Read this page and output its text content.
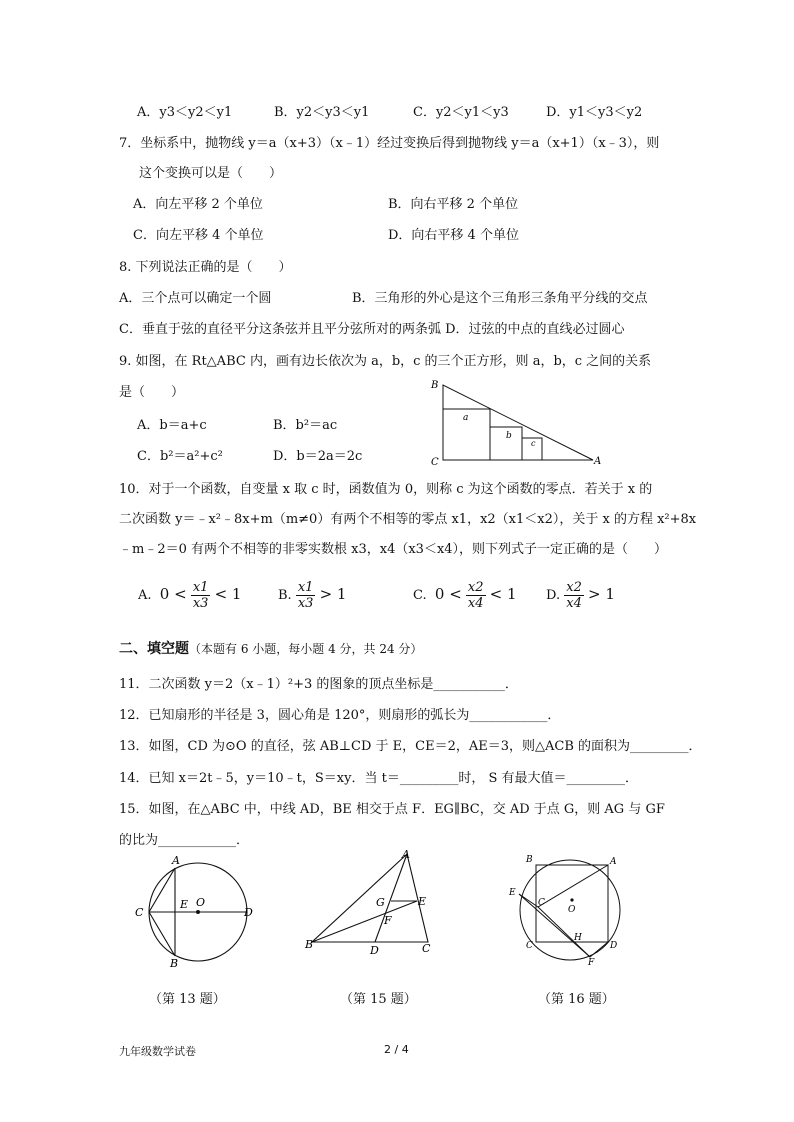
A．y3＜y2＜y1	B．y2＜y3＜y1	C．y2＜y1＜y3	D．y1＜y3＜y2
7．坐标系中，抛物线 y＝a（x+3）（x﹣1）经过变换后得到抛物线 y＝a（x+1）（x﹣3），则
这个变换可以是（　　）
A．向左平移 2 个单位	B．向右平移 2 个单位
C．向左平移 4 个单位	D．向右平移 4 个单位
8. 下列说法正确的是（　　）
A．三个点可以确定一个圆	B．三角形的外心是这个三角形三条角平分线的交点
C．垂直于弦的直径平分这条弦并且平分弦所对的两条弧 D．过弦的中点的直线必过圆心
9. 如图，在 Rt△ABC 内，画有边长依次为 a，b，c 的三个正方形，则 a，b，c 之间的关系
是（　　）
A．b＝a+c	B．b²＝ac
C．b²＝a²+c²	D．b＝2a＝2c
B
C	A
a
b
c
10．对于一个函数，自变量 x 取 c 时，函数值为 0，则称 c 为这个函数的零点．若关于 x 的
二次函数 y＝﹣x²﹣8x+m（m≠0）有两个不相等的零点 x1，x2（x1＜x2），关于 x 的方程 x²+8x
﹣m﹣2＝0 有两个不相等的非零实数根 x3，x4（x3＜x4），则下列式子一定正确的是（　　）
A. $0 < \frac{x1}{x3} < 1$	B. $\frac{x1}{x3} > 1$	C. $0 < \frac{x2}{x4} < 1$ D. $\frac{x2}{x4} > 1$
二、填空题（本题有 6 小题，每小题 4 分，共 24 分）
11．二次函数 y＝2（x﹣1）²+3 的图象的顶点坐标是___________．
12．已知扇形的半径是 3，圆心角是 120°，则扇形的弧长为____________．
13．如图，CD 为⊙O 的直径，弦 AB⊥CD 于 E，CE＝2，AE＝3，则△ACB 的面积为_________．
14．已知 x＝2t﹣5，y＝10﹣t，S＝xy．当 t＝_________时， S 有最大值＝_________．
15．如图，在△ABC 中，中线 AD，BE 相交于点 F．EG∥BC，交 AD 于点 G，则 AG 与 GF
的比为____________．
A
C
E O
D
B
A
G	E
F
B	D	C
B	A
E
C
O
C
H
D
F
（第 13 题）	（第 15 题）	（第 16 题）
九年级数学试卷	2 / 4
